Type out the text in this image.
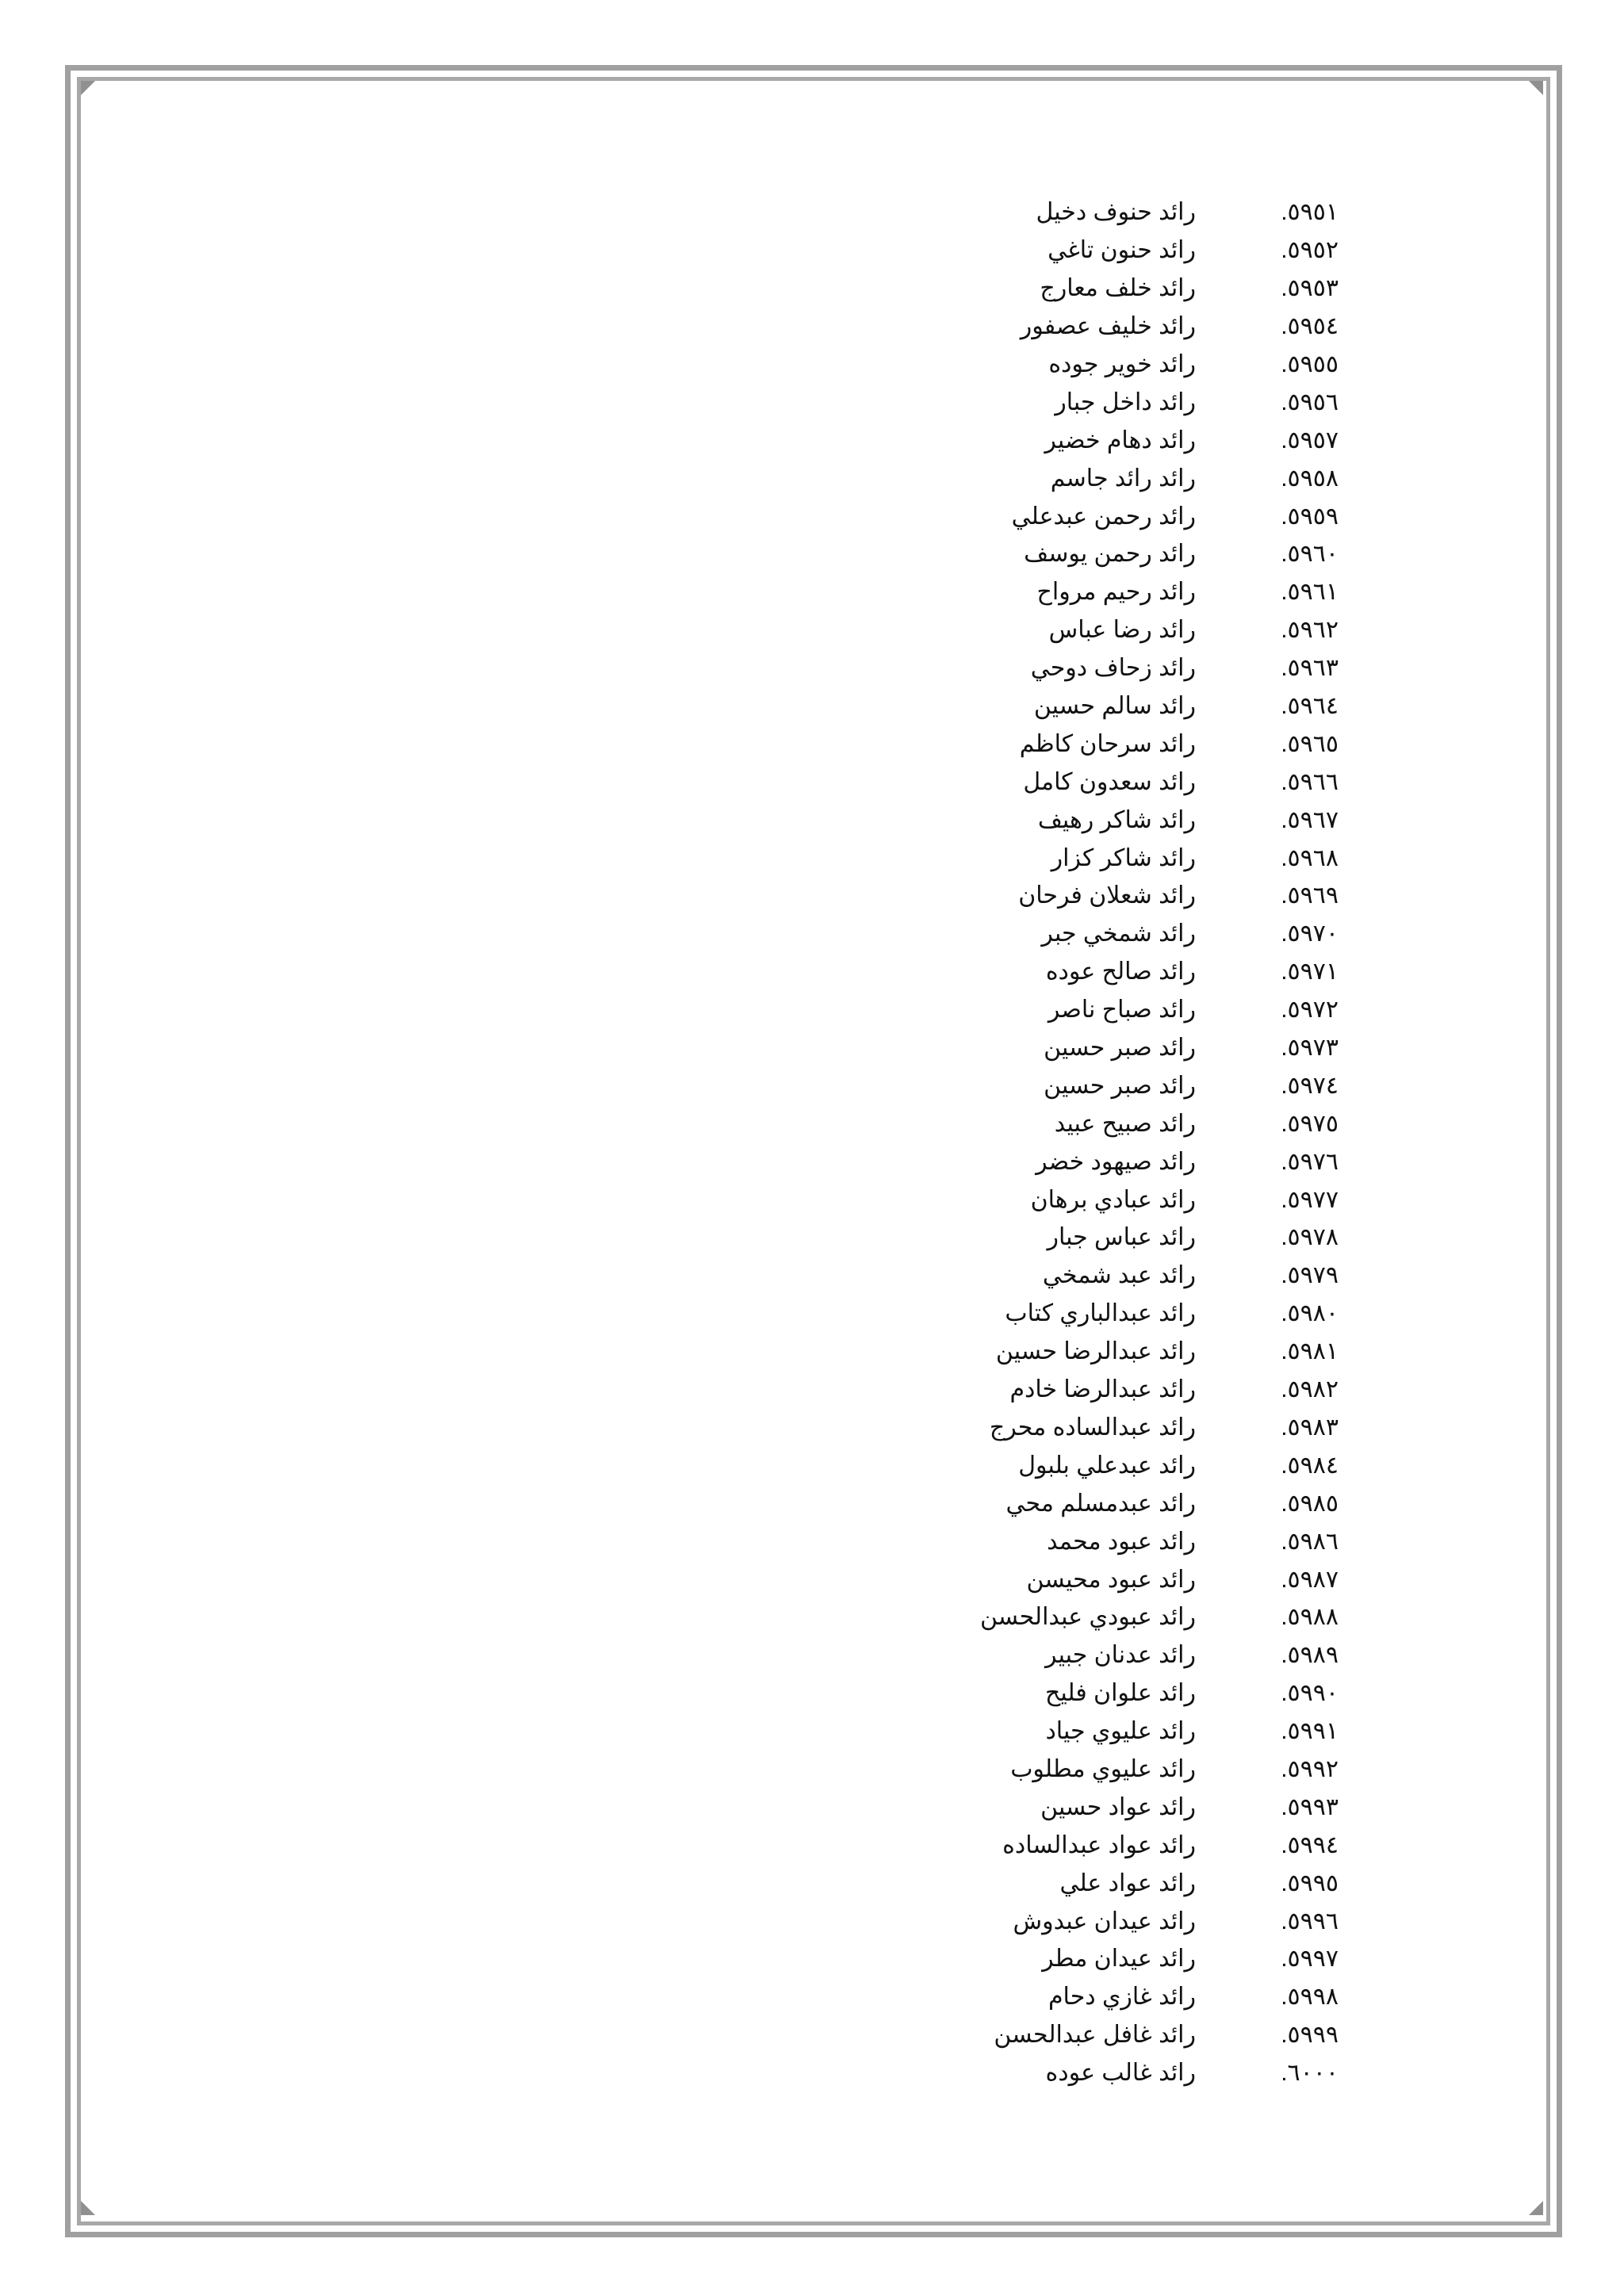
٥٩٥١.
رائد حنوف دخيل
٥٩٥٢.
رائد حنون تاغي
٥٩٥٣.
رائد خلف معارج
٥٩٥٤.
رائد خليف عصفور
٥٩٥٥.
رائد خوير جوده
٥٩٥٦.
رائد داخل جبار
٥٩٥٧.
رائد دهام خضير
٥٩٥٨.
رائد رائد جاسم
٥٩٥٩.
رائد رحمن عبدعلي
٥٩٦٠.
رائد رحمن يوسف
٥٩٦١.
رائد رحيم مرواح
٥٩٦٢.
رائد رضا عباس
٥٩٦٣.
رائد زحاف دوحي
٥٩٦٤.
رائد سالم حسين
٥٩٦٥.
رائد سرحان كاظم
٥٩٦٦.
رائد سعدون كامل
٥٩٦٧.
رائد شاكر رهيف
٥٩٦٨.
رائد شاكر كزار
٥٩٦٩.
رائد شعلان فرحان
٥٩٧٠.
رائد شمخي جبر
٥٩٧١.
رائد صالح عوده
٥٩٧٢.
رائد صباح ناصر
٥٩٧٣.
رائد صبر حسين
٥٩٧٤.
رائد صبر حسين
٥٩٧٥.
رائد صبيح عبيد
٥٩٧٦.
رائد صيهود خضر
٥٩٧٧.
رائد عبادي برهان
٥٩٧٨.
رائد عباس جبار
٥٩٧٩.
رائد عبد شمخي
٥٩٨٠.
رائد عبدالباري كتاب
٥٩٨١.
رائد عبدالرضا حسين
٥٩٨٢.
رائد عبدالرضا خادم
٥٩٨٣.
رائد عبدالساده محرج
٥٩٨٤.
رائد عبدعلي بلبول
٥٩٨٥.
رائد عبدمسلم محي
٥٩٨٦.
رائد عبود محمد
٥٩٨٧.
رائد عبود محيسن
٥٩٨٨.
رائد عبودي عبدالحسن
٥٩٨٩.
رائد عدنان جبير
٥٩٩٠.
رائد علوان فليح
٥٩٩١.
رائد عليوي جياد
٥٩٩٢.
رائد عليوي مطلوب
٥٩٩٣.
رائد عواد حسين
٥٩٩٤.
رائد عواد عبدالساده
٥٩٩٥.
رائد عواد علي
٥٩٩٦.
رائد عيدان عبدوش
٥٩٩٧.
رائد عيدان مطر
٥٩٩٨.
رائد غازي دحام
٥٩٩٩.
رائد غافل عبدالحسن
٦٠٠٠.
رائد غالب عوده
